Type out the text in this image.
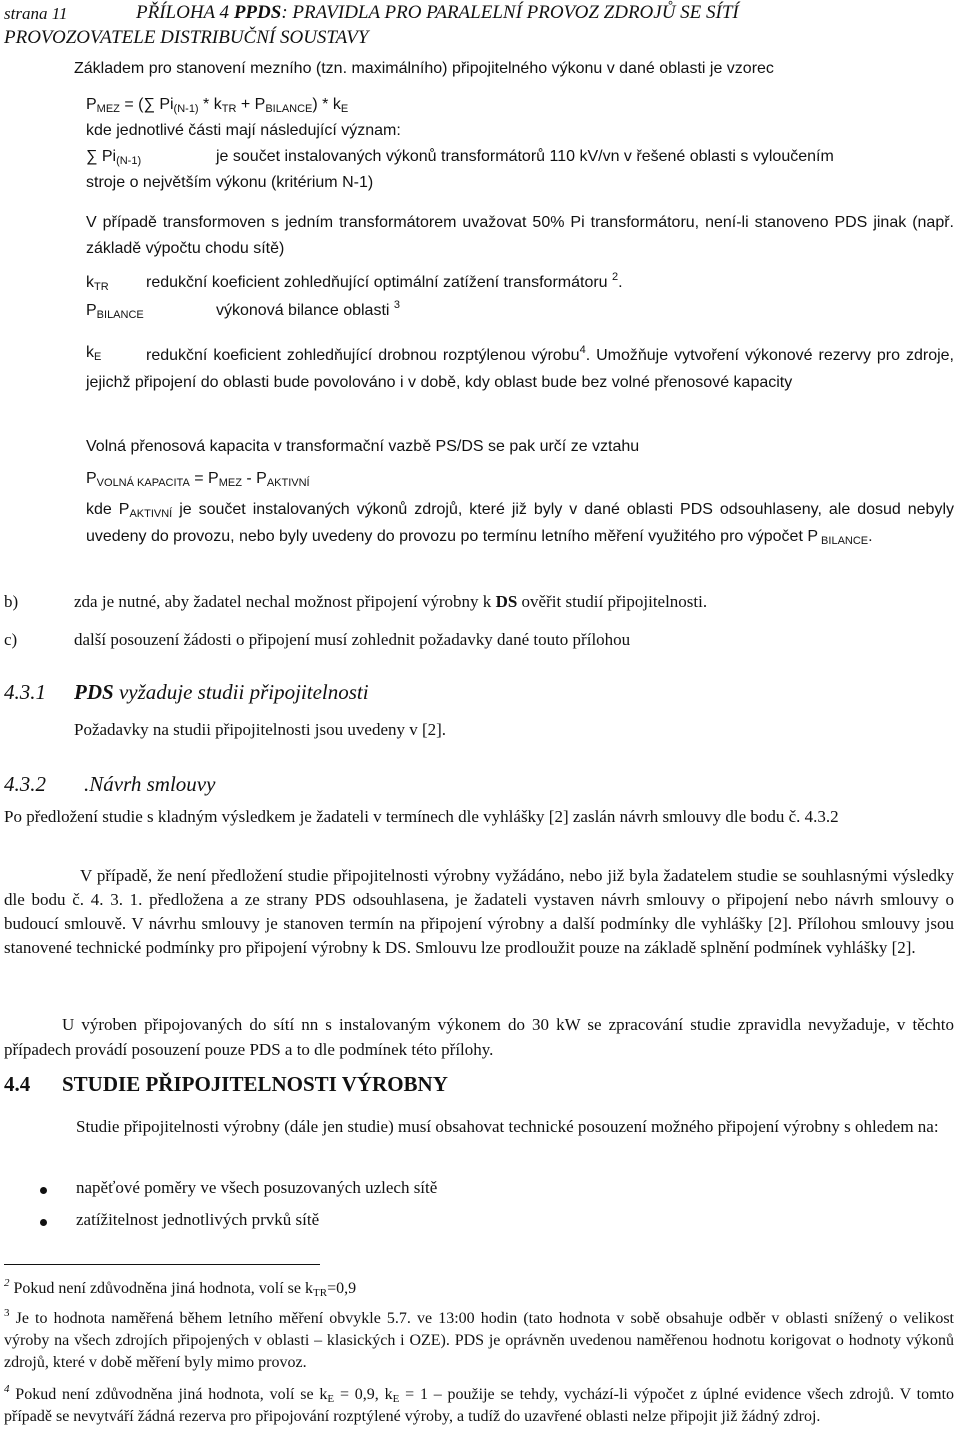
strana 11	PŘÍLOHA 4 PPDS: PRAVIDLA PRO PARALELNÍ PROVOZ ZDROJŮ SE SÍTÍ
PROVOZOVATELE DISTRIBUČNÍ SOUSTAVY
Základem pro stanovení mezního (tzn. maximálního) připojitelného výkonu v dané oblasti je vzorec
$P_{MEZ}$ = (∑ $Pi_{(N-1)} * k_{TR} + P_{BILANCE}) * k_E$
kde jednotlivé části mají následující význam:
∑ $Pi_{(N-1)}$	je součet instalovaných výkonů transformátorů 110 kV/vn v řešené oblasti s vyloučením
stroje o největším výkonu (kritérium N-1)
V případě transformoven s jedním transformátorem uvažovat 50% Pi transformátoru, není-li stanoveno PDS jinak (např. základě výpočtu chodu sítě)
$k_{TR}$ redukční koeficient zohledňující optimální zatížení transformátoru $^2$.
$P_{BILANCE}$	výkonová bilance oblasti $^3$
$k_E$	redukční koeficient zohledňující drobnou rozptýlenou výrobu$^4$. Umožňuje vytvoření výkonové rezervy pro zdroje, jejichž připojení do oblasti bude povolováno i v době, kdy oblast bude bez volné přenosové kapacity
Volná přenosová kapacita v transformační vazbě PS/DS se pak určí ze vztahu
$P_{VOLNÁ KAPACITA} = P_{MEZ} - P_{AKTIVNÍ}$
kde $P_{AKTIVNÍ}$ je součet instalovaných výkonů zdrojů, které již byly v dané oblasti PDS odsouhlaseny, ale dosud nebyly uvedeny do provozu, nebo byly uvedeny do provozu po termínu letního měření využitého pro výpočet P $_{BILANCE}$.
b)	zda je nutné, aby žadatel nechal možnost připojení výrobny k DS ověřit studií připojitelnosti.
c)	další posouzení žádosti o připojení musí zohlednit požadavky dané touto přílohou
4.3.1 PDS vyžaduje studii připojitelnosti
Požadavky na studii připojitelnosti jsou uvedeny v [2].
4.3.2 .Návrh smlouvy
Po předložení studie s kladným výsledkem je žadateli v termínech dle vyhlášky [2] zaslán návrh smlouvy dle bodu č. 4.3.2
V případě, že není předložení studie připojitelnosti výrobny vyžádáno, nebo již byla žadatelem studie se souhlasnými výsledky dle bodu č. 4. 3. 1. předložena a ze strany PDS odsouhlasena, je žadateli vystaven návrh smlouvy o připojení nebo návrh smlouvy o budoucí smlouvě. V návrhu smlouvy je stanoven termín na připojení výrobny a další podmínky dle vyhlášky [2]. Přílohou smlouvy jsou stanovené technické podmínky pro připojení výrobny k DS. Smlouvu lze prodloužit pouze na základě splnění podmínek vyhlášky [2].
U výroben připojovaných do sítí nn s instalovaným výkonem do 30 kW se zpracování studie zpravidla nevyžaduje, v těchto případech provádí posouzení pouze PDS a to dle podmínek této přílohy.
4.4 STUDIE PŘIPOJITELNOSTI VÝROBNY
Studie připojitelnosti výrobny (dále jen studie) musí obsahovat technické posouzení možného připojení výrobny s ohledem na:
napěťové poměry ve všech posuzovaných uzlech sítě
zatížitelnost jednotlivých prvků sítě
$^2$ Pokud není zdůvodněna jiná hodnota, volí se $k_{TR}=0,9$
$^3$ Je to hodnota naměřená během letního měření obvykle 5.7. ve 13:00 hodin (tato hodnota v sobě obsahuje odběr v oblasti snížený o velikost výroby na všech zdrojích připojených v oblasti – klasických i OZE). PDS je oprávněn uvedenou naměřenou hodnotu korigovat o hodnoty výkonů zdrojů, které v době měření byly mimo provoz.
$^4$ Pokud není zdůvodněna jiná hodnota, volí se $k_E = 0,9$, $k_E = 1$ – použije se tehdy, vychází-li výpočet z úplné evidence všech zdrojů. V tomto případě se nevytváří žádná rezerva pro připojování rozptýlené výroby, a tudíž do uzavřené oblasti nelze připojit již žádný zdroj.
